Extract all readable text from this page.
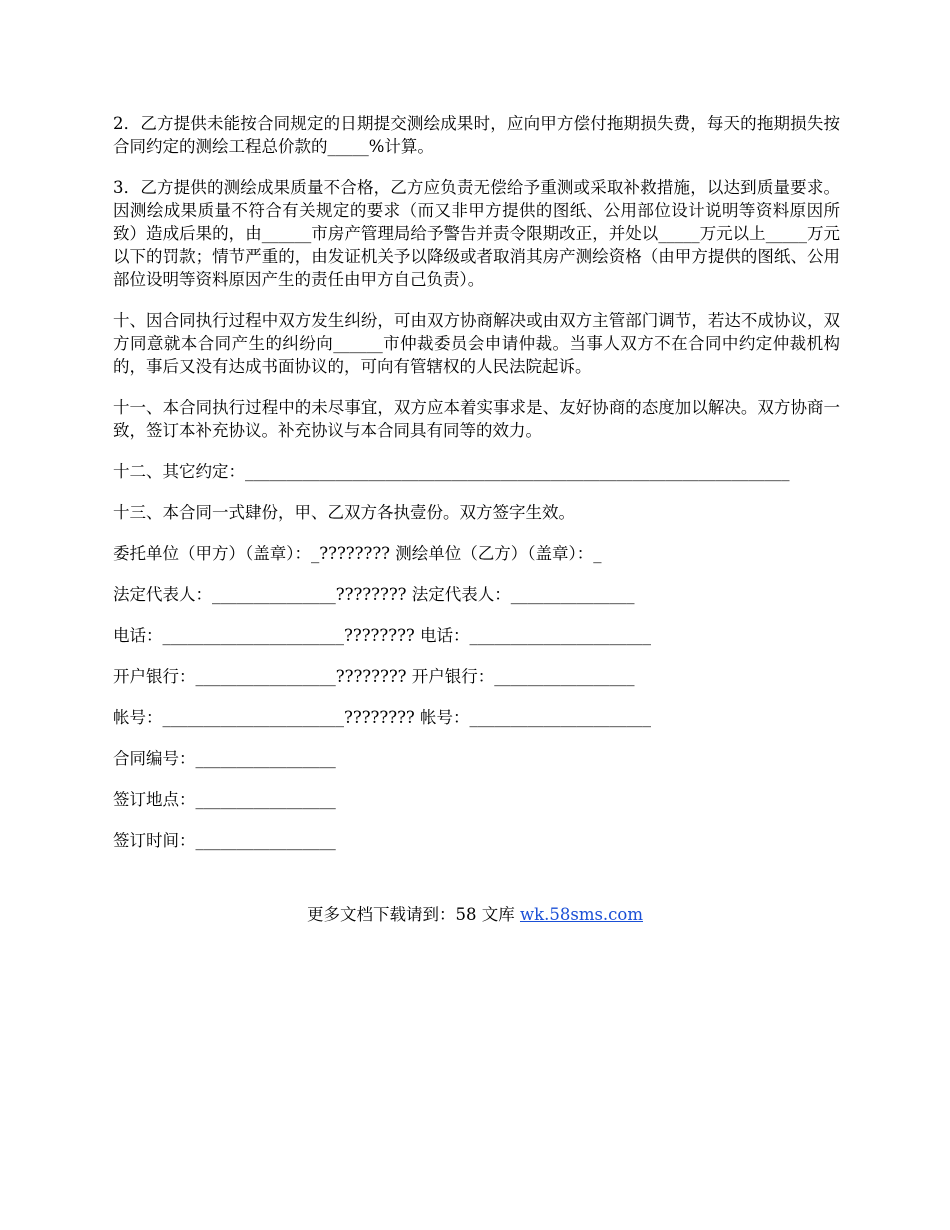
2．乙方提供未能按合同规定的日期提交测绘成果时，应向甲方偿付拖期损失费，每天的拖期损失按合同约定的测绘工程总价款的_____%计算。

3．乙方提供的测绘成果质量不合格，乙方应负责无偿给予重测或采取补救措施，以达到质量要求。因测绘成果质量不符合有关规定的要求（而又非甲方提供的图纸、公用部位设计说明等资料原因所致）造成后果的，由______市房产管理局给予警告并责令限期改正，并处以_____万元以上_____万元以下的罚款；情节严重的，由发证机关予以降级或者取消其房产测绘资格（由甲方提供的图纸、公用部位设明等资料原因产生的责任由甲方自己负责）。

十、因合同执行过程中双方发生纠纷，可由双方协商解决或由双方主管部门调节，若达不成协议，双方同意就本合同产生的纠纷向______市仲裁委员会申请仲裁。当事人双方不在合同中约定仲裁机构的，事后又没有达成书面协议的，可向有管辖权的人民法院起诉。

十一、本合同执行过程中的未尽事宜，双方应本着实事求是、友好协商的态度加以解决。双方协商一致，签订本补充协议。补充协议与本合同具有同等的效力。

十二、其它约定：__________________________________________________________________

十三、本合同一式肆份，甲、乙双方各执壹份。双方签字生效。

委托单位（甲方）（盖章）：_???????? 测绘单位（乙方）（盖章）：_

法定代表人：_______________???????? 法定代表人：_______________

电话：______________________???????? 电话：______________________

开户银行：_________________???????? 开户银行：_________________

帐号：______________________???????? 帐号：______________________

合同编号：_________________

签订地点：_________________

签订时间：_________________

更多文档下载请到：58 文库 wk.58sms.com
